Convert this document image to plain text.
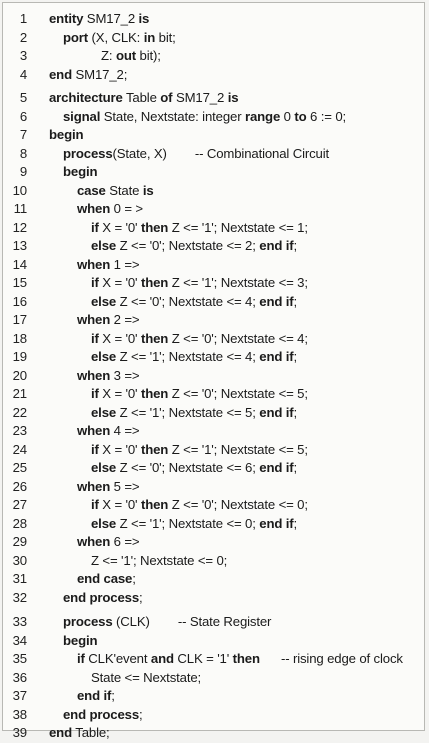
1 entity SM17_2 is
2	port (X, CLK: in bit;
3	Z: out bit);
4 end SM17_2;
5 architecture Table of SM17_2 is
6	signal State, Nextstate: integer range 0 to 6 := 0;
7 begin
8	process(State, X)        -- Combinational Circuit
9	begin
10	case State is
11	when 0 = >
12	if X = '0' then Z <= '1'; Nextstate <= 1;
13	else Z <= '0'; Nextstate <= 2; end if;
14	when 1 =>
15	if X = '0' then Z <= '1'; Nextstate <= 3;
16	else Z <= '0'; Nextstate <= 4; end if;
17	when 2 =>
18	if X = '0' then Z <= '0'; Nextstate <= 4;
19	else Z <= '1'; Nextstate <= 4; end if;
20	when 3 =>
21	if X = '0' then Z <= '0'; Nextstate <= 5;
22	else Z <= '1'; Nextstate <= 5; end if;
23	when 4 =>
24	if X = '0' then Z <= '1'; Nextstate <= 5;
25	else Z <= '0'; Nextstate <= 6; end if;
26	when 5 =>
27	if X = '0' then Z <= '0'; Nextstate <= 0;
28	else Z <= '1'; Nextstate <= 0; end if;
29	when 6 =>
30	Z <= '1'; Nextstate <= 0;
31	end case;
32	end process;
33	process (CLK)        -- State Register
34	begin
35	if CLK'event and CLK = '1' then      -- rising edge of clock
36	State <= Nextstate;
37	end if;
38	end process;
39 end Table;
